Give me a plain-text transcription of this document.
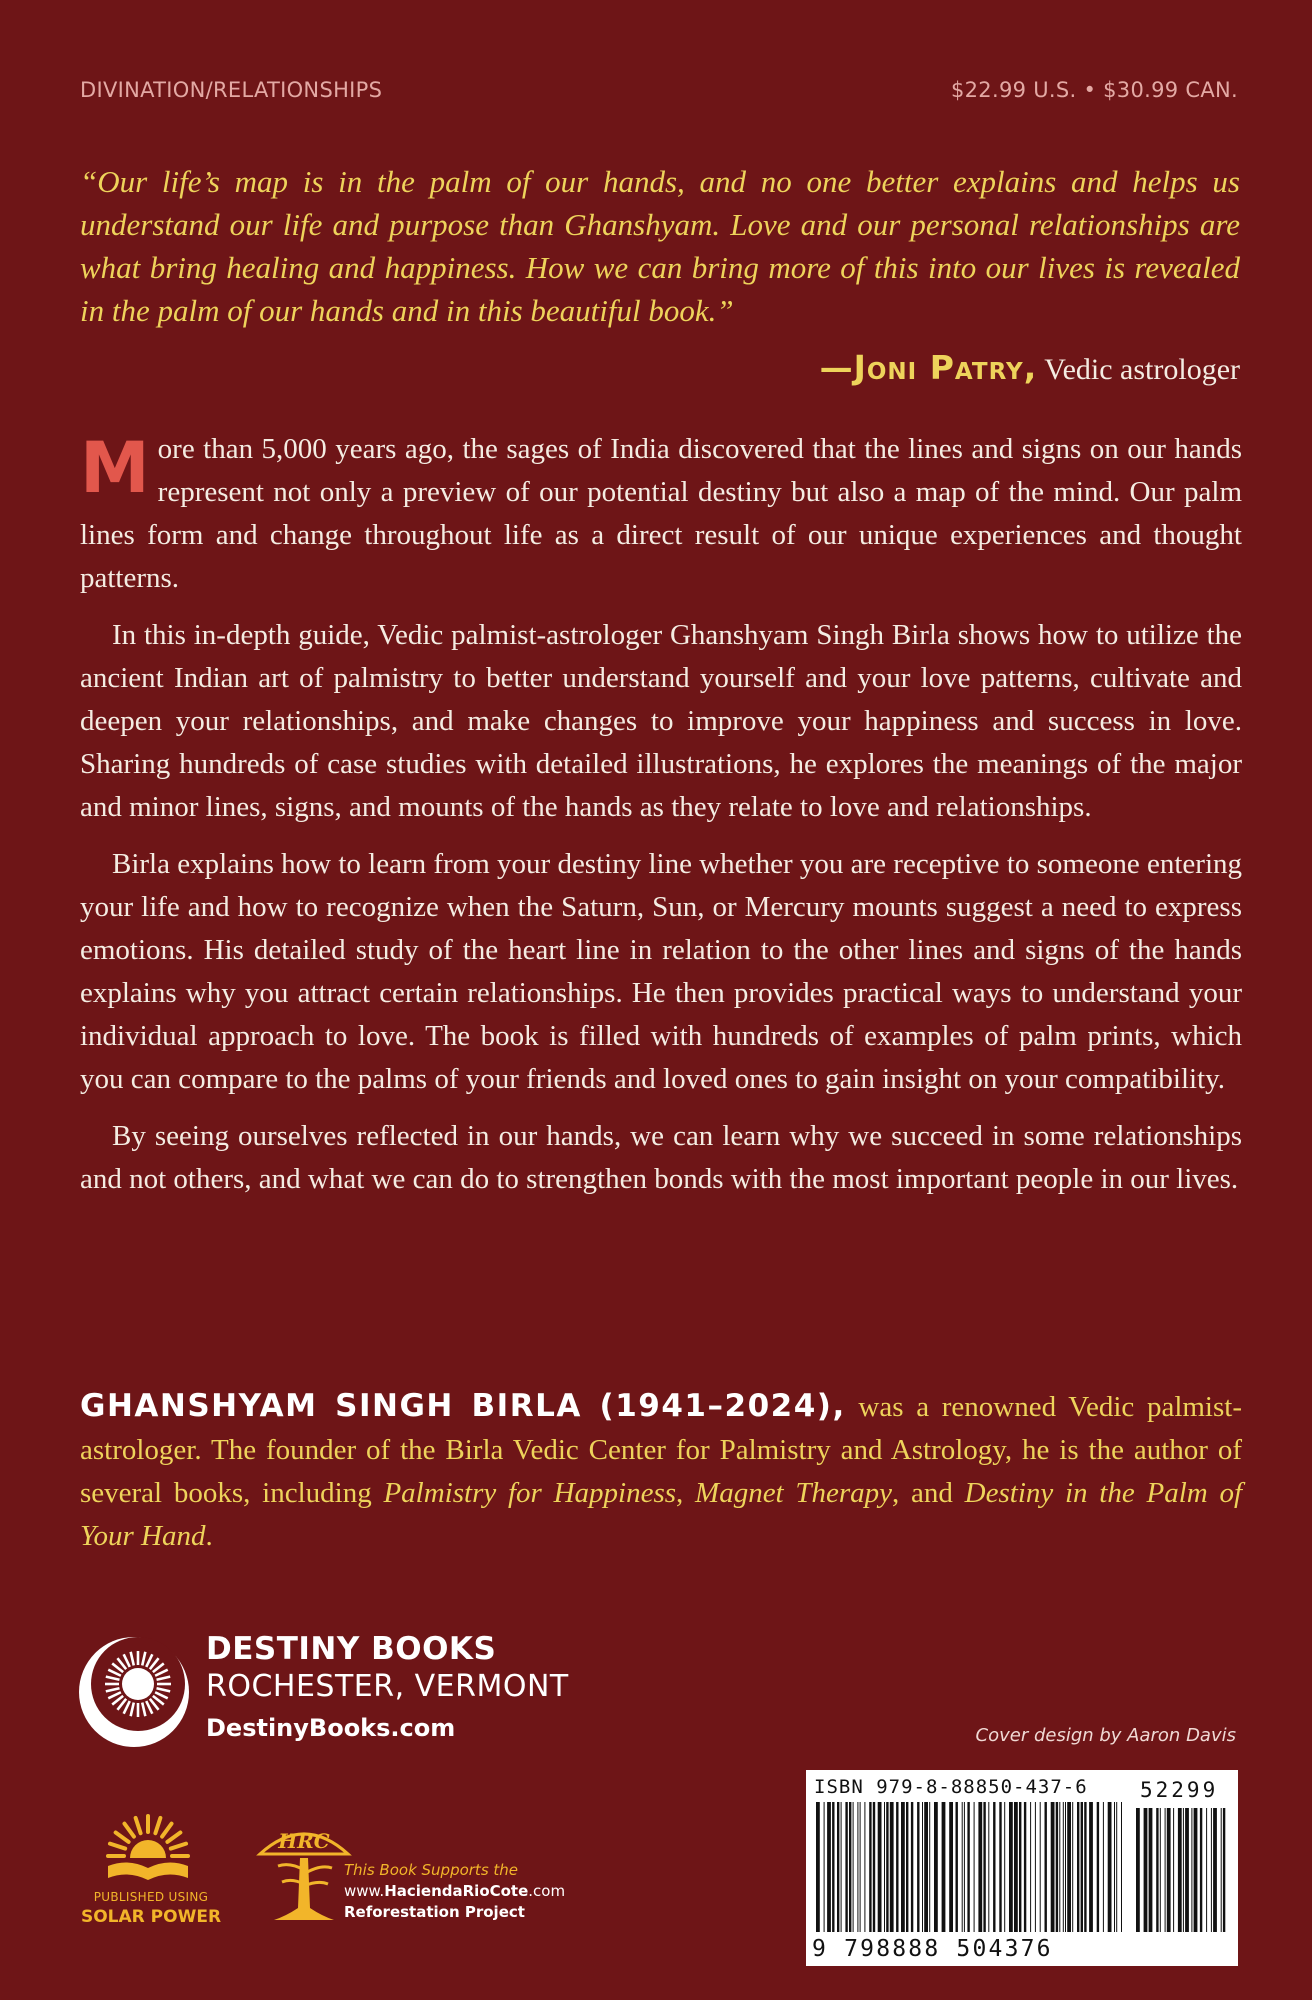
DIVINATION/RELATIONSHIPS	$22.99 U.S. • $30.99 CAN.
“Our life’s map is in the palm of our hands, and no one better explains and helps us understand our life and purpose than Ghanshyam. Love and our personal relationships are what bring healing and happiness. How we can bring more of this into our lives is revealed in the palm of our hands and in this beautiful book.”
—Joni Patry, Vedic astrologer

More than 5,000 years ago, the sages of India discovered that the lines and signs on our hands represent not only a preview of our potential destiny but also a map of the mind. Our palm lines form and change throughout life as a direct result of our unique experiences and thought patterns.

In this in-depth guide, Vedic palmist-astrologer Ghanshyam Singh Birla shows how to utilize the ancient Indian art of palmistry to better understand yourself and your love patterns, cultivate and deepen your relationships, and make changes to improve your happiness and success in love. Sharing hundreds of case studies with detailed illustrations, he explores the meanings of the major and minor lines, signs, and mounts of the hands as they relate to love and relationships.

Birla explains how to learn from your destiny line whether you are receptive to someone entering your life and how to recognize when the Saturn, Sun, or Mercury mounts suggest a need to express emotions. His detailed study of the heart line in relation to the other lines and signs of the hands explains why you attract certain relationships. He then provides practical ways to understand your individual approach to love. The book is filled with hundreds of examples of palm prints, which you can compare to the palms of your friends and loved ones to gain insight on your compatibility.

By seeing ourselves reflected in our hands, we can learn why we succeed in some relationships and not others, and what we can do to strengthen bonds with the most important people in our lives.

GHANSHYAM SINGH BIRLA (1941–2024), was a renowned Vedic palmist-astrologer. The founder of the Birla Vedic Center for Palmistry and Astrology, he is the author of several books, including Palmistry for Happiness, Magnet Therapy, and Destiny in the Palm of Your Hand.
DESTINY BOOKS
ROCHESTER, VERMONT
DestinyBooks.com	Cover design by Aaron Davis
ISBN 979-8-88850-437-6 52299
9 798888 504376
PUBLISHED USING
SOLAR POWER
HRC
This Book Supports the
www.HaciendaRioCote.com
Reforestation Project
